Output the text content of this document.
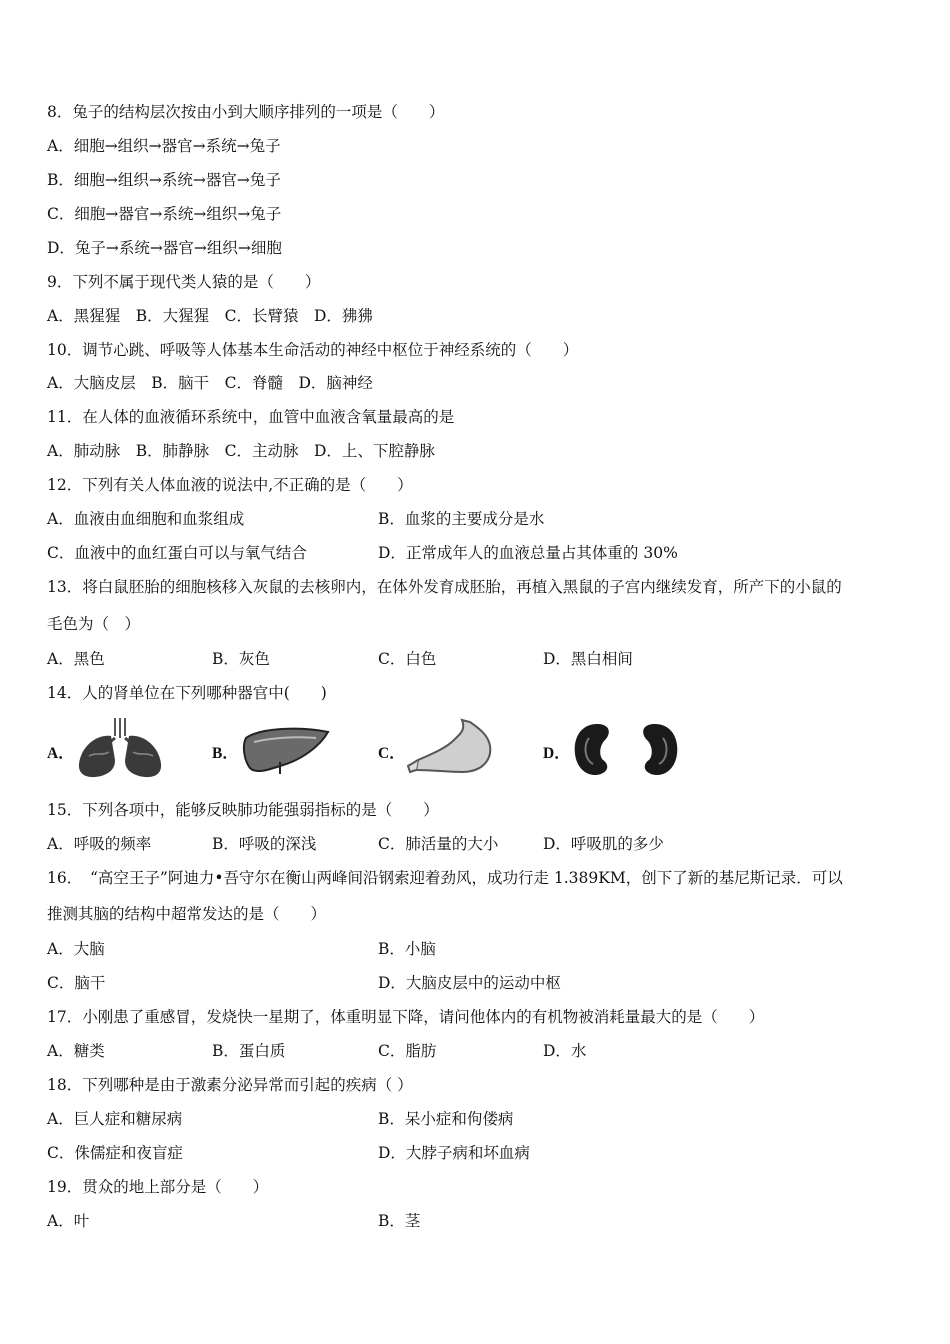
8．兔子的结构层次按由小到大顺序排列的一项是（　　）
A．细胞→组织→器官→系统→兔子
B．细胞→组织→系统→器官→兔子
C．细胞→器官→系统→组织→兔子
D．兔子→系统→器官→组织→细胞
9．下列不属于现代类人猿的是（　　）
A．黑猩猩　B．大猩猩　C．长臂猿　D．狒狒
10．调节心跳、呼吸等人体基本生命活动的神经中枢位于神经系统的（　　）
A．大脑皮层　B．脑干　C．脊髓　D．脑神经
11．在人体的血液循环系统中，血管中血液含氧量最高的是
A．肺动脉　B．肺静脉　C．主动脉　D．上、下腔静脉
12．下列有关人体血液的说法中,不正确的是（　　）
A．血液由血细胞和血浆组成	B．血浆的主要成分是水
C．血液中的血红蛋白可以与氧气结合	D．正常成年人的血液总量占其体重的 30%
13．将白鼠胚胎的细胞核移入灰鼠的去核卵内，在体外发育成胚胎，再植入黑鼠的子宫内继续发育，所产下的小鼠的
毛色为（　）
A．黑色	B．灰色	C．白色	D．黑白相间
14．人的肾单位在下列哪种器官中(　　)
A．	B．	C．	D．
15．下列各项中，能够反映肺功能强弱指标的是（　　）
A．呼吸的频率	B．呼吸的深浅	C．肺活量的大小	D．呼吸肌的多少
16．　“高空王子”阿迪力•吾守尔在衡山两峰间沿钢索迎着劲风，成功行走 1.389KM，创下了新的基尼斯记录．可以
推测其脑的结构中超常发达的是（　　）
A．大脑	B．小脑
C．脑干	D．大脑皮层中的运动中枢
17．小刚患了重感冒，发烧快一星期了，体重明显下降，请问他体内的有机物被消耗量最大的是（　　）
A．糖类	B．蛋白质	C．脂肪	D．水
18．下列哪种是由于激素分泌异常而引起的疾病（ ）
A．巨人症和糖尿病	B．呆小症和佝偻病
C．侏儒症和夜盲症	D．大脖子病和坏血病
19．贯众的地上部分是（　　）
A．叶	B．茎
